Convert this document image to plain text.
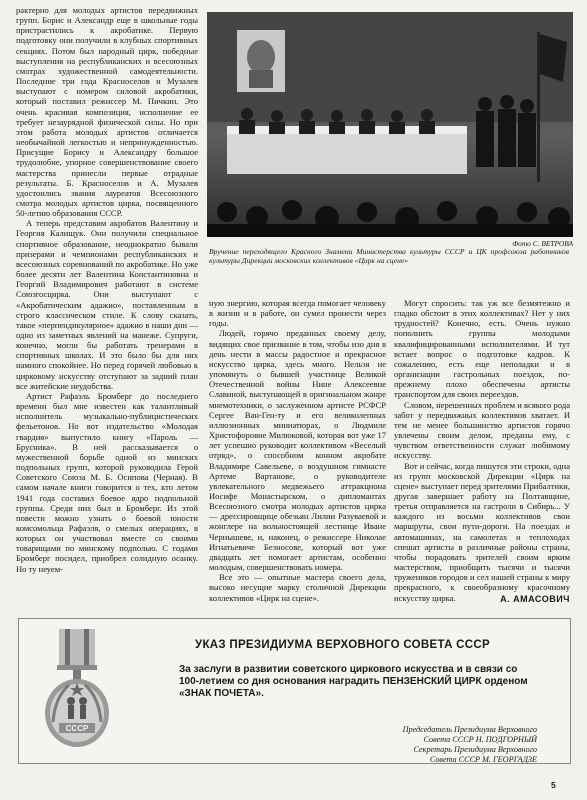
рактерно для молодых артистов передвижных групп. Борис и Александр еще в школьные годы пристрастились к акробатике. Первую подготовку они получили в клубных спортивных секциях. Потом был народный цирк, победные выступления на республиканских и всесоюзных смотрах художественной самодеятельности. Последние три года Красноселов и Музалев выступают с номером силовой акробатики, который поставил режиссер М. Пичкин. Это очень красивая композиция, исполнение ее требует незаурядной физической силы. Но при этом работа молодых артистов отличается необычайной легкостью и непринужденностью. Присущие Борису и Александру большое трудолюбие, упорное совершенствование своего мастерства принесли первые отрадные результаты. Б. Красноселов и А. Музалев удостоились звания лауреатов Всесоюзного смотра молодых артистов цирка, посвященного 50-летию образования СССР.

А теперь представим акробатов Валентину и Георгия Калищук. Они получили специальное спортивное образование, неоднократно бывали призерами и чемпионами республиканских и всесоюзных соревнований по акробатике. Но уже более десяти лет Валентина Константиновна и Георгий Владимирович работают в системе Союзгосцирка. Они выступают с «Акробатическим адажио», поставленным в строго классическом стиле. К слову сказать, такое «перпендикулярное» адажио в наши дни — одно из заметных явлений на манеже. Супруги, конечно, могли бы работать тренерами в спортивных школах. И это было бы для них намного спокойнее. Но перед горячей любовью к цирковому искусству отступают за задний план все житейские неудобства.

Артист Рафаэль Бромберг до последнего времени был мне известен как талантливый исполнитель музыкально-публицистических фельетонов. Но вот издательство «Молодая гвардия» выпустило книгу «Пароль — Брусника». В ней рассказывается о мужественной борьбе одной из минских подпольных групп, которой руководила Герой Советского Союза М. Б. Осипова (Черная). В самом начале книги говорится о тех, кто летом 1941 года составил боевое ядро подпольной группы. Среди них был и Бромберг. Из этой повести можно узнать о боевой юности комсомольца Рафаэля, о смелых операциях, в которых он участвовал вместе со своими товарищами по минскому подполью. С годами Бромберг посидел, приобрел солидную осанку. Но ту неуем-

Фото С. ВЕТРОВА
Вручение переходящего Красного Знамени Министерства культуры СССР и ЦК профсоюза работников культуры Дирекции московских коллективов «Цирк на сцене»

ную энергию, которая всегда помогает человеку в жизни и в работе, он сумел пронести через годы.

Людей, горячо преданных своему делу, видящих свое призвание в том, чтобы изо дня в день нести в массы радостное и прекрасное искусство цирка, здесь много. Нельзя не упомянуть о бывшей участнице Великой Отечественной войны Нине Алексеевне Славиной, выступающей в оригинальном жанре мнемотехники, о заслуженном артисте РСФСР Сергее Ван-Ген-ту и его великолепных иллюзионных миниатюрах, о Людмиле Христофоровне Милюковой, которая вот уже 17 лет успешно руководит коллективом «Веселый отряд», о способном конном акробате Владимире Савельеве, о воздушном гимнасте Артеме Вартанове, о руководителе увлекательного медвежьего аттракциона Иосифе Монастырском, о дипломантах Всесоюзного смотра молодых артистов цирка — дрессировщице обезьян Лилии Разуваевой и жонглере на вольностоящей лестнице Иване Чернышеве, и, наконец, о режиссере Николае Игнатьевиче Безносове, который вот уже двадцать лет помогает артистам, особенно молодым, совершенствовать номера.

Все это — опытные мастера своего дела, высоко несущие марку столичной Дирекции коллективов «Цирк на сцене».

Могут спросить: так уж все безмятежно и гладко обстоит в этих коллективах? Нет у них трудностей? Конечно, есть. Очень нужно пополнить группы молодыми квалифицированными исполнителями. И тут встает вопрос о подготовке кадров. К сожалению, есть еще неполадки и в организации гастрольных поездок, по-прежнему плохо обеспечены артисты транспортом для своих переездов.

Словом, нерешенных проблем и всякого рода забот у передвижных коллективов хватает. И тем не менее большинство артистов горячо увлечены своим делом, преданы ему, с чувством ответственности служат любимому искусству.

Вот и сейчас, когда пишутся эти строки, одна из групп московской Дирекции «Цирк на сцене» выступает перед зрителями Прибалтики, другая завершает работу на Полтавщине, третья отправляется на гастроли в Сибирь... У каждого из восьми коллективов свои маршруты, свои пути-дороги. На поездах и автомашинах, на самолетах и теплоходах спешат артисты в различные районы страны, чтобы порадовать зрителей своим ярким мастерством, приобщить тысячи и тысячи тружеников городов и сел нашей страны к миру прекрасного, к своеобразному красочному искусству цирка.	А. АМАСОВИЧ
СССР
УКАЗ ПРЕЗИДИУМА ВЕРХОВНОГО СОВЕТА СССР
За заслуги в развитии советского циркового искусства и в связи со 100-летием со дня основания наградить ПЕНЗЕНСКИЙ ЦИРК орденом «ЗНАК ПОЧЕТА».
Председатель Президиума Верховного
Совета СССР Н. ПОДГОРНЫЙ
Секретарь Президиума Верховного
Совета СССР М. ГЕОРГАДЗЕ
5
